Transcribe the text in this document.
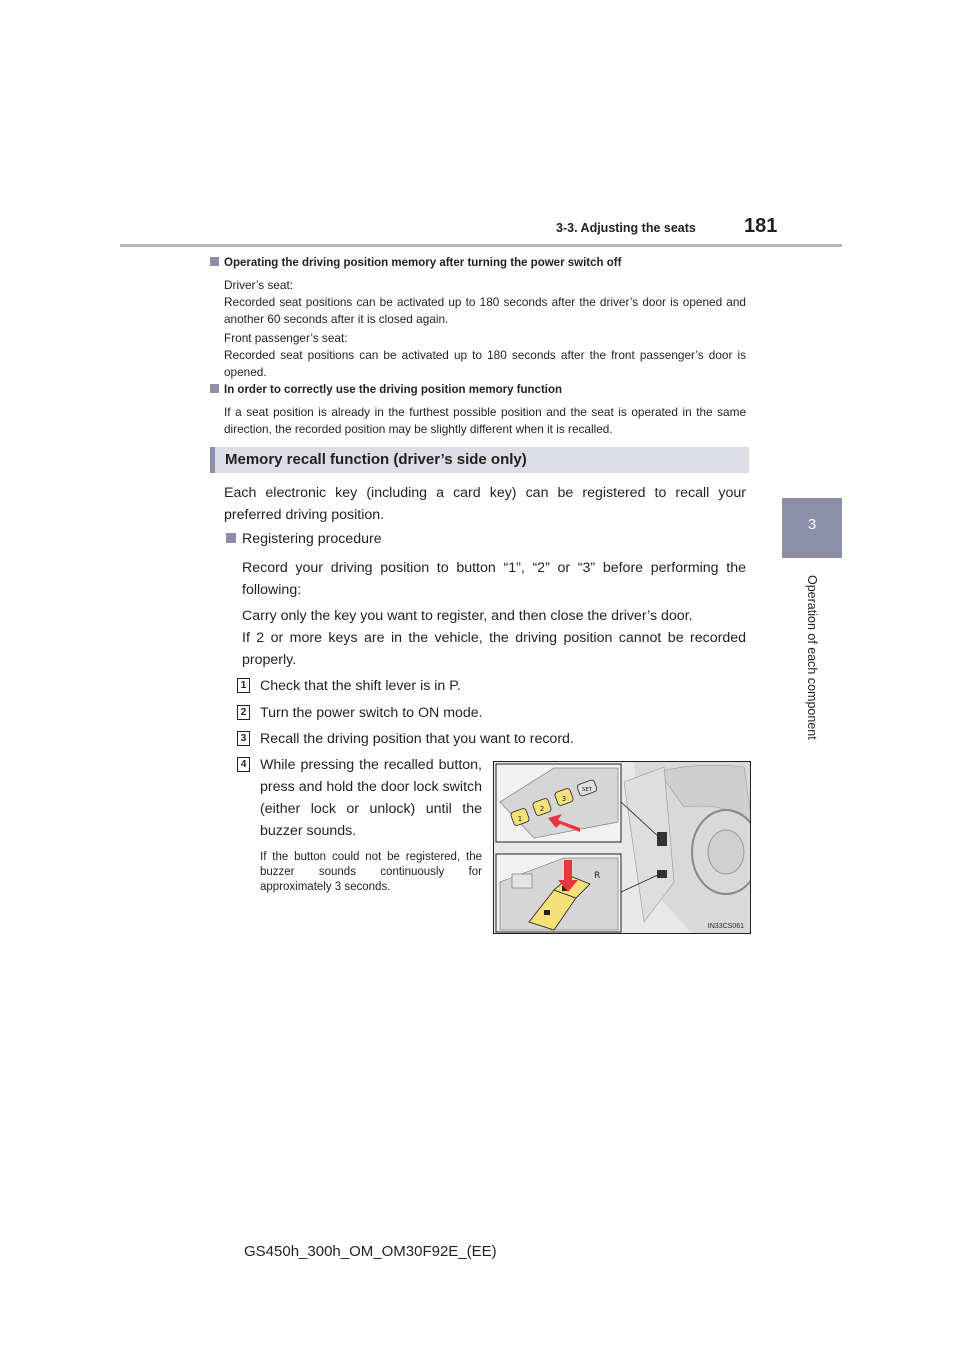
3-3. Adjusting the seats 181
3
Operation of each component
Operating the driving position memory after turning the power switch off
Driver’s seat:
Recorded seat positions can be activated up to 180 seconds after the driver’s door is opened and another 60 seconds after it is closed again.
Front passenger’s seat:
Recorded seat positions can be activated up to 180 seconds after the front passenger’s door is opened.
In order to correctly use the driving position memory function
If a seat position is already in the furthest possible position and the seat is operated in the same direction, the recorded position may be slightly different when it is recalled.
Memory recall function (driver’s side only)
Each electronic key (including a card key) can be registered to recall your preferred driving position.
Registering procedure
Record your driving position to button “1”, “2” or “3” before performing the following:
Carry only the key you want to register, and then close the driver’s door.
If 2 or more keys are in the vehicle, the driving position cannot be recorded properly.
1 Check that the shift lever is in P.
2 Turn the power switch to ON mode.
3 Recall the driving position that you want to record.
4 While pressing the recalled button, press and hold the door lock switch (either lock or unlock) until the buzzer sounds.
If the button could not be registered, the buzzer sounds continuously for approximately 3 seconds.
1
2
3
SET
R
IN33CS061
GS450h_300h_OM_OM30F92E_(EE)
